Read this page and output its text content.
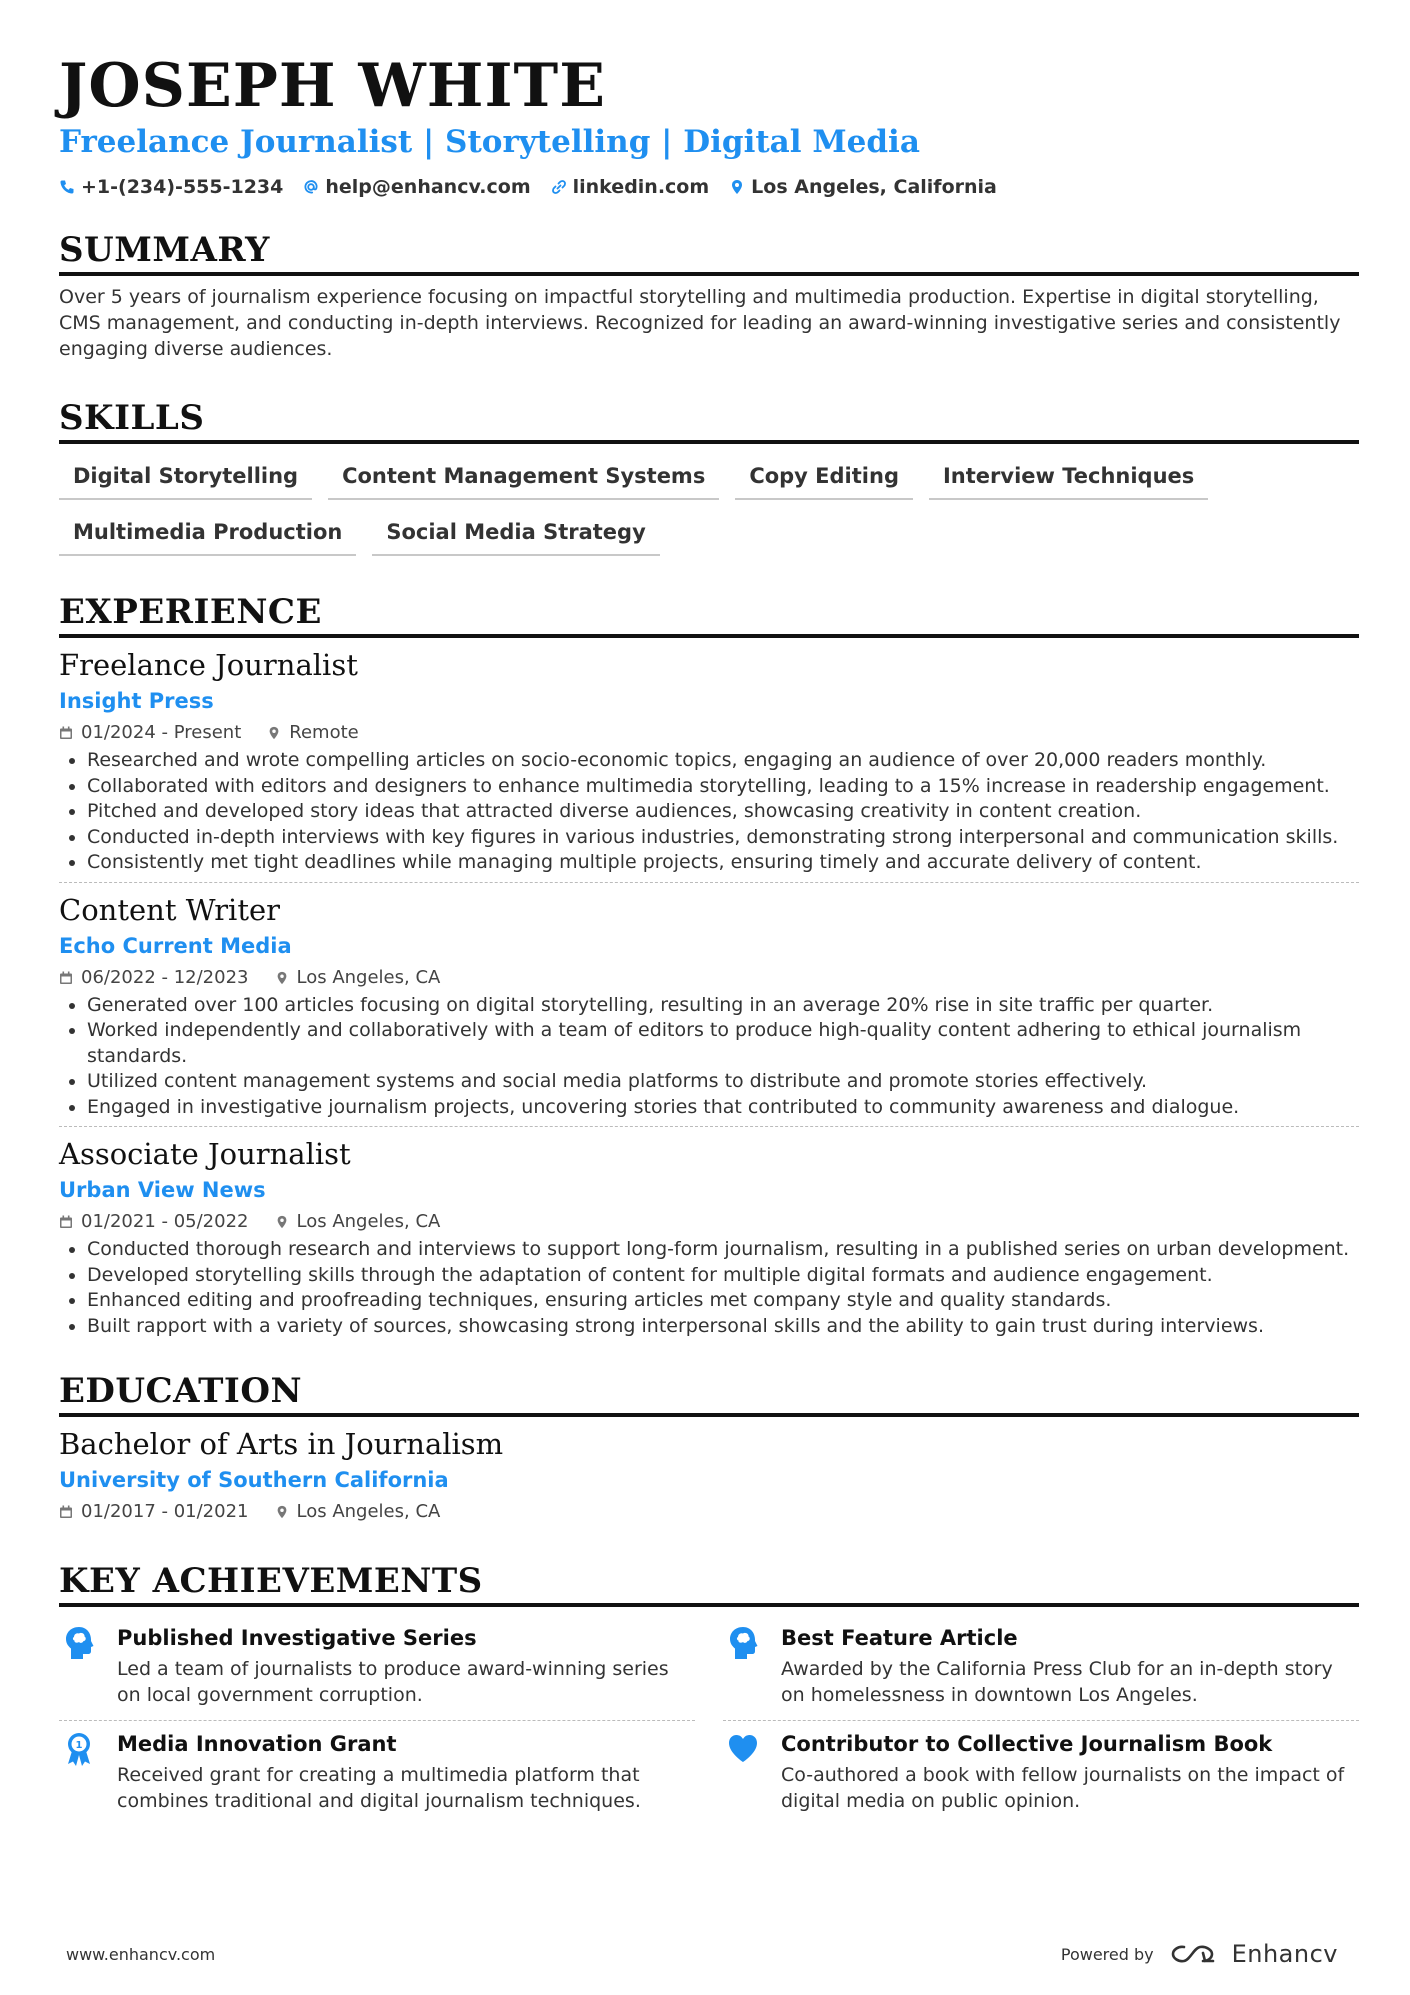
JOSEPH WHITE
Freelance Journalist | Storytelling | Digital Media
+1-(234)-555-1234 help@enhancv.com linkedin.com Los Angeles, California
SUMMARY
Over 5 years of journalism experience focusing on impactful storytelling and multimedia production. Expertise in digital storytelling, CMS management, and conducting in-depth interviews. Recognized for leading an award-winning investigative series and consistently engaging diverse audiences.
SKILLS
Digital Storytelling	Content Management Systems	Copy Editing	Interview Techniques
Multimedia Production	Social Media Strategy
EXPERIENCE
Freelance Journalist
Insight Press
01/2024 - Present	Remote
• Researched and wrote compelling articles on socio-economic topics, engaging an audience of over 20,000 readers monthly.
• Collaborated with editors and designers to enhance multimedia storytelling, leading to a 15% increase in readership engagement.
• Pitched and developed story ideas that attracted diverse audiences, showcasing creativity in content creation.
• Conducted in-depth interviews with key figures in various industries, demonstrating strong interpersonal and communication skills.
• Consistently met tight deadlines while managing multiple projects, ensuring timely and accurate delivery of content.
Content Writer
Echo Current Media
06/2022 - 12/2023	Los Angeles, CA
• Generated over 100 articles focusing on digital storytelling, resulting in an average 20% rise in site traffic per quarter.
• Worked independently and collaboratively with a team of editors to produce high-quality content adhering to ethical journalism standards.
• Utilized content management systems and social media platforms to distribute and promote stories effectively.
• Engaged in investigative journalism projects, uncovering stories that contributed to community awareness and dialogue.
Associate Journalist
Urban View News
01/2021 - 05/2022	Los Angeles, CA
• Conducted thorough research and interviews to support long-form journalism, resulting in a published series on urban development.
• Developed storytelling skills through the adaptation of content for multiple digital formats and audience engagement.
• Enhanced editing and proofreading techniques, ensuring articles met company style and quality standards.
• Built rapport with a variety of sources, showcasing strong interpersonal skills and the ability to gain trust during interviews.
EDUCATION
Bachelor of Arts in Journalism
University of Southern California
01/2017 - 01/2021	Los Angeles, CA
KEY ACHIEVEMENTS
Published Investigative Series
Led a team of journalists to produce award-winning series on local government corruption.
Best Feature Article
Awarded by the California Press Club for an in-depth story on homelessness in downtown Los Angeles.
1 Media Innovation Grant
Received grant for creating a multimedia platform that combines traditional and digital journalism techniques.
Contributor to Collective Journalism Book
Co-authored a book with fellow journalists on the impact of digital media on public opinion.
www.enhancv.com	Powered by	Enhancv
